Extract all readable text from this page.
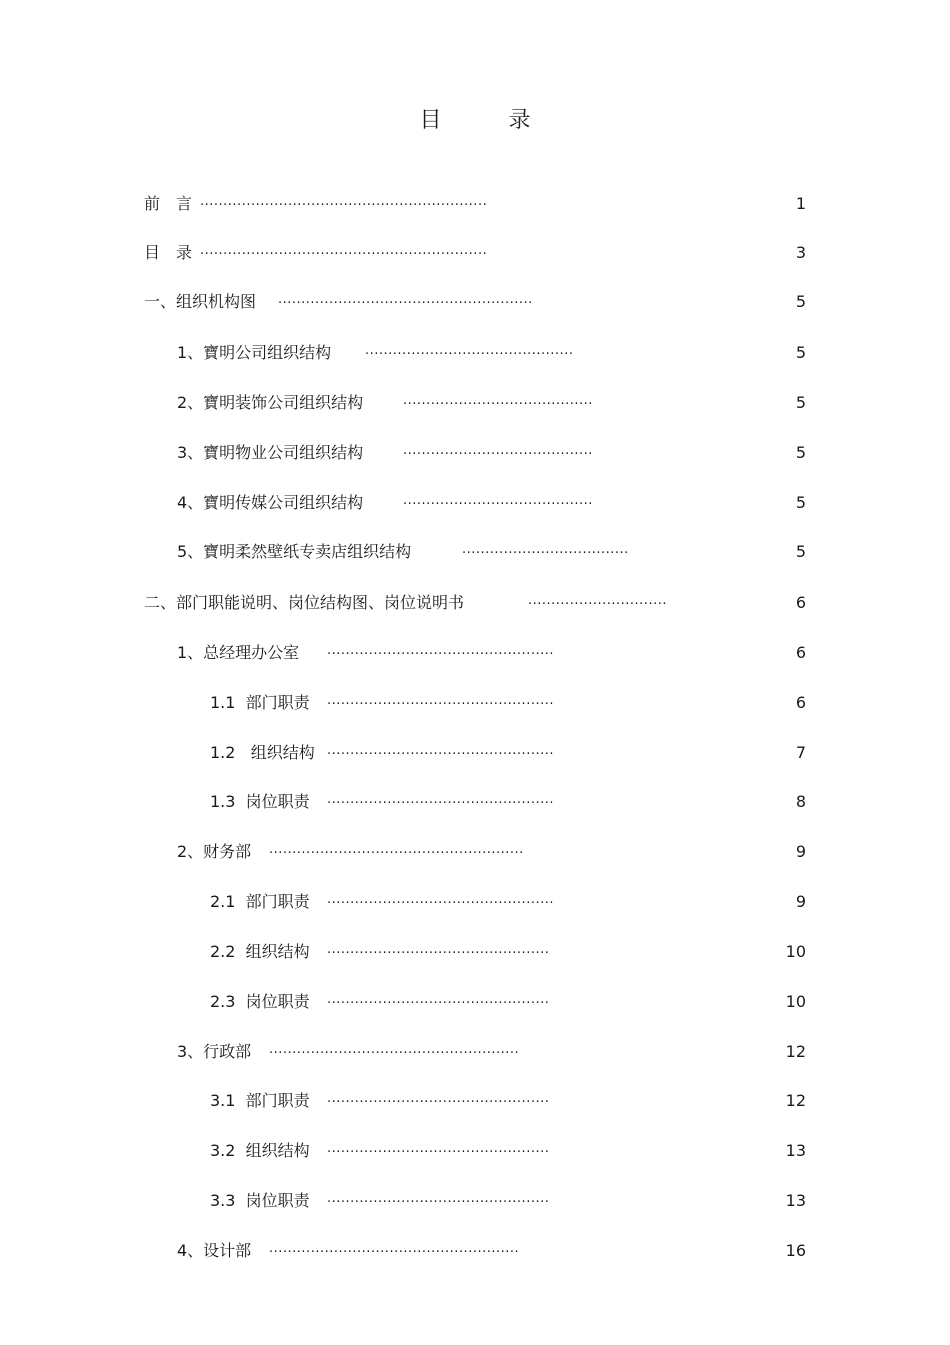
目 录
前　言 ..............................................................	1
目　录 ..............................................................	3
一、组织机构图 .......................................................	5
1、寶明公司组织结构	.............................................	5
2、寶明装饰公司组织结构	.........................................	5
3、寶明物业公司组织结构	.........................................	5
4、寶明传媒公司组织结构	.........................................	5
5、寶明柔然壁纸专卖店组织结构	....................................	5
二、部门职能说明、岗位结构图、岗位说明书	..............................	6
1、总经理办公室 .................................................	6
1.1  部门职责 .................................................	6
1.2   组织结构 .................................................	7
1.3  岗位职责 .................................................	8
2、财务部 .......................................................	9
2.1  部门职责 .................................................	9
2.2  组织结构 ................................................	10
2.3  岗位职责 ................................................	10
3、行政部 ......................................................	12
3.1  部门职责 ................................................	12
3.2  组织结构 ................................................	13
3.3  岗位职责 ................................................	13
4、设计部 ......................................................	16
